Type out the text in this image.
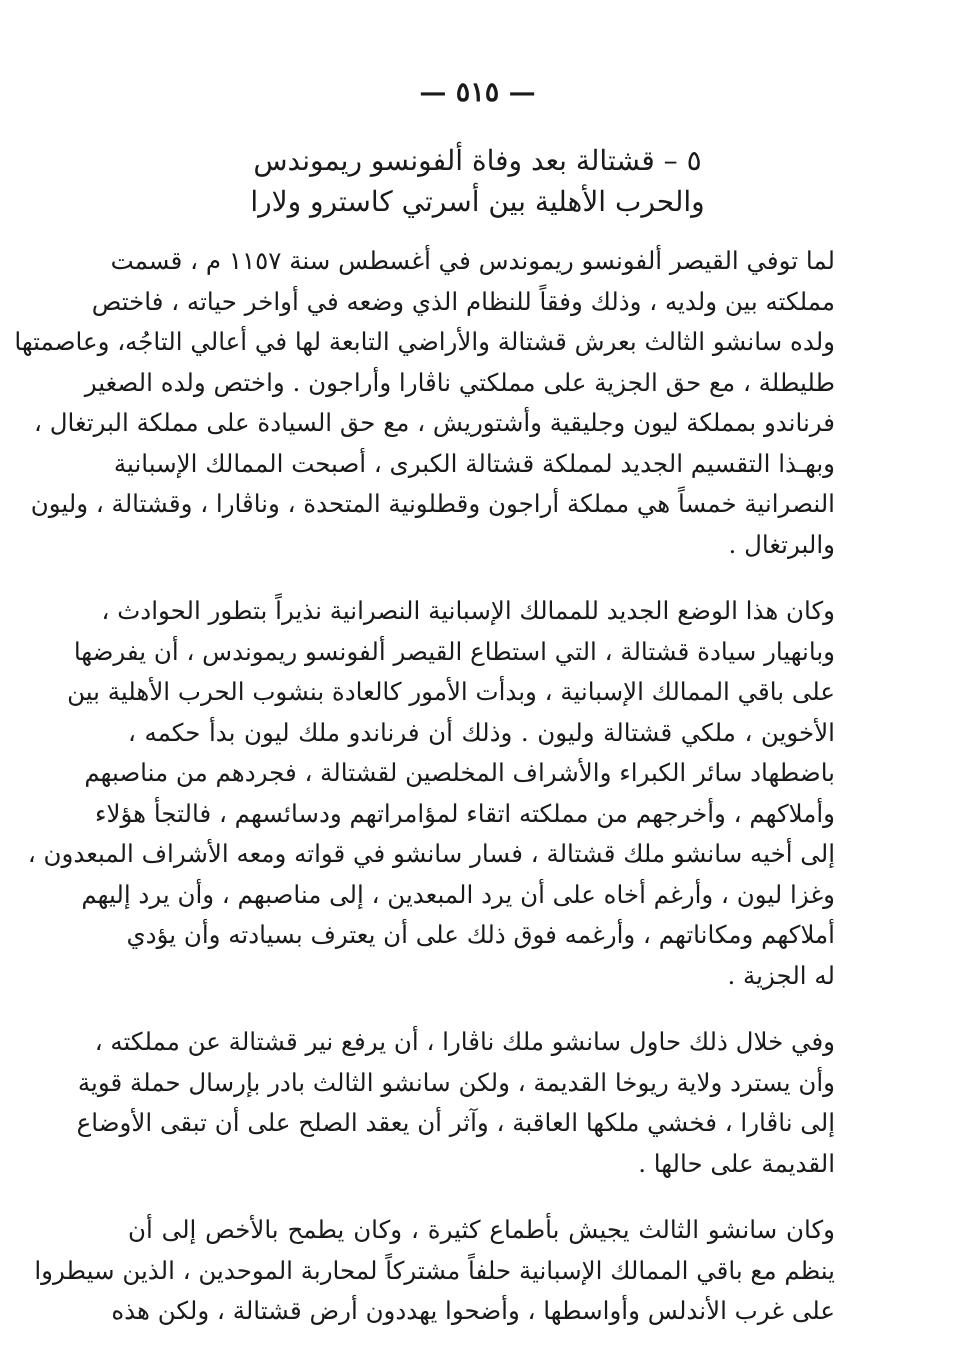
— ٥١٥ —
٥ – قشتالة بعد وفاة ألفونسو ريموندس
والحرب الأهلية بين أسرتي كاسترو ولارا

لما توفي القيصر ألفونسو ريموندس في أغسطس سنة ١١٥٧ م ، قسمت
مملكته بين ولديه ، وذلك وفقاً للنظام الذي وضعه في أواخر حياته ، فاختص
ولده سانشو الثالث بعرش قشتالة والأراضي التابعة لها في أعالي التاجُه، وعاصمتها
طليطلة ، مع حق الجزية على مملكتي ناڤارا وأراجون . واختص ولده الصغير
فرناندو بمملكة ليون وجليقية وأشتوريش ، مع حق السيادة على مملكة البرتغال ،
وبهـذا التقسيم الجديد لمملكة قشتالة الكبرى ، أصبحت الممالك الإسبانية
النصرانية خمساً هي مملكة أراجون وقطلونية المتحدة ، وناڤارا ، وقشتالة ، وليون
والبرتغال .

وكان هذا الوضع الجديد للممالك الإسبانية النصرانية نذيراً بتطور الحوادث ،
وبانهيار سيادة قشتالة ، التي استطاع القيصر ألفونسو ريموندس ، أن يفرضها
على باقي الممالك الإسبانية ، وبدأت الأمور كالعادة بنشوب الحرب الأهلية بين
الأخوين ، ملكي قشتالة وليون . وذلك أن فرناندو ملك ليون بدأ حكمه ،
باضطهاد سائر الكبراء والأشراف المخلصين لقشتالة ، فجردهم من مناصبهم
وأملاكهم ، وأخرجهم من مملكته اتقاء لمؤامراتهم ودسائسهم ، فالتجأ هؤلاء
إلى أخيه سانشو ملك قشتالة ، فسار سانشو في قواته ومعه الأشراف المبعدون ،
وغزا ليون ، وأرغم أخاه على أن يرد المبعدين ، إلى مناصبهم ، وأن يرد إليهم
أملاكهم ومكاناتهم ، وأرغمه فوق ذلك على أن يعترف بسيادته وأن يؤدي
له الجزية .

وفي خلال ذلك حاول سانشو ملك ناڤارا ، أن يرفع نير قشتالة عن مملكته ،
وأن يسترد ولاية ريوخا القديمة ، ولكن سانشو الثالث بادر بإرسال حملة قوية
إلى ناڤارا ، فخشي ملكها العاقبة ، وآثر أن يعقد الصلح على أن تبقى الأوضاع
القديمة على حالها .

وكان سانشو الثالث يجيش بأطماع كثيرة ، وكان يطمح بالأخص إلى أن
ينظم مع باقي الممالك الإسبانية حلفاً مشتركاً لمحاربة الموحدين ، الذين سيطروا
على غرب الأندلس وأواسطها ، وأضحوا يهددون أرض قشتالة ، ولكن هذه
